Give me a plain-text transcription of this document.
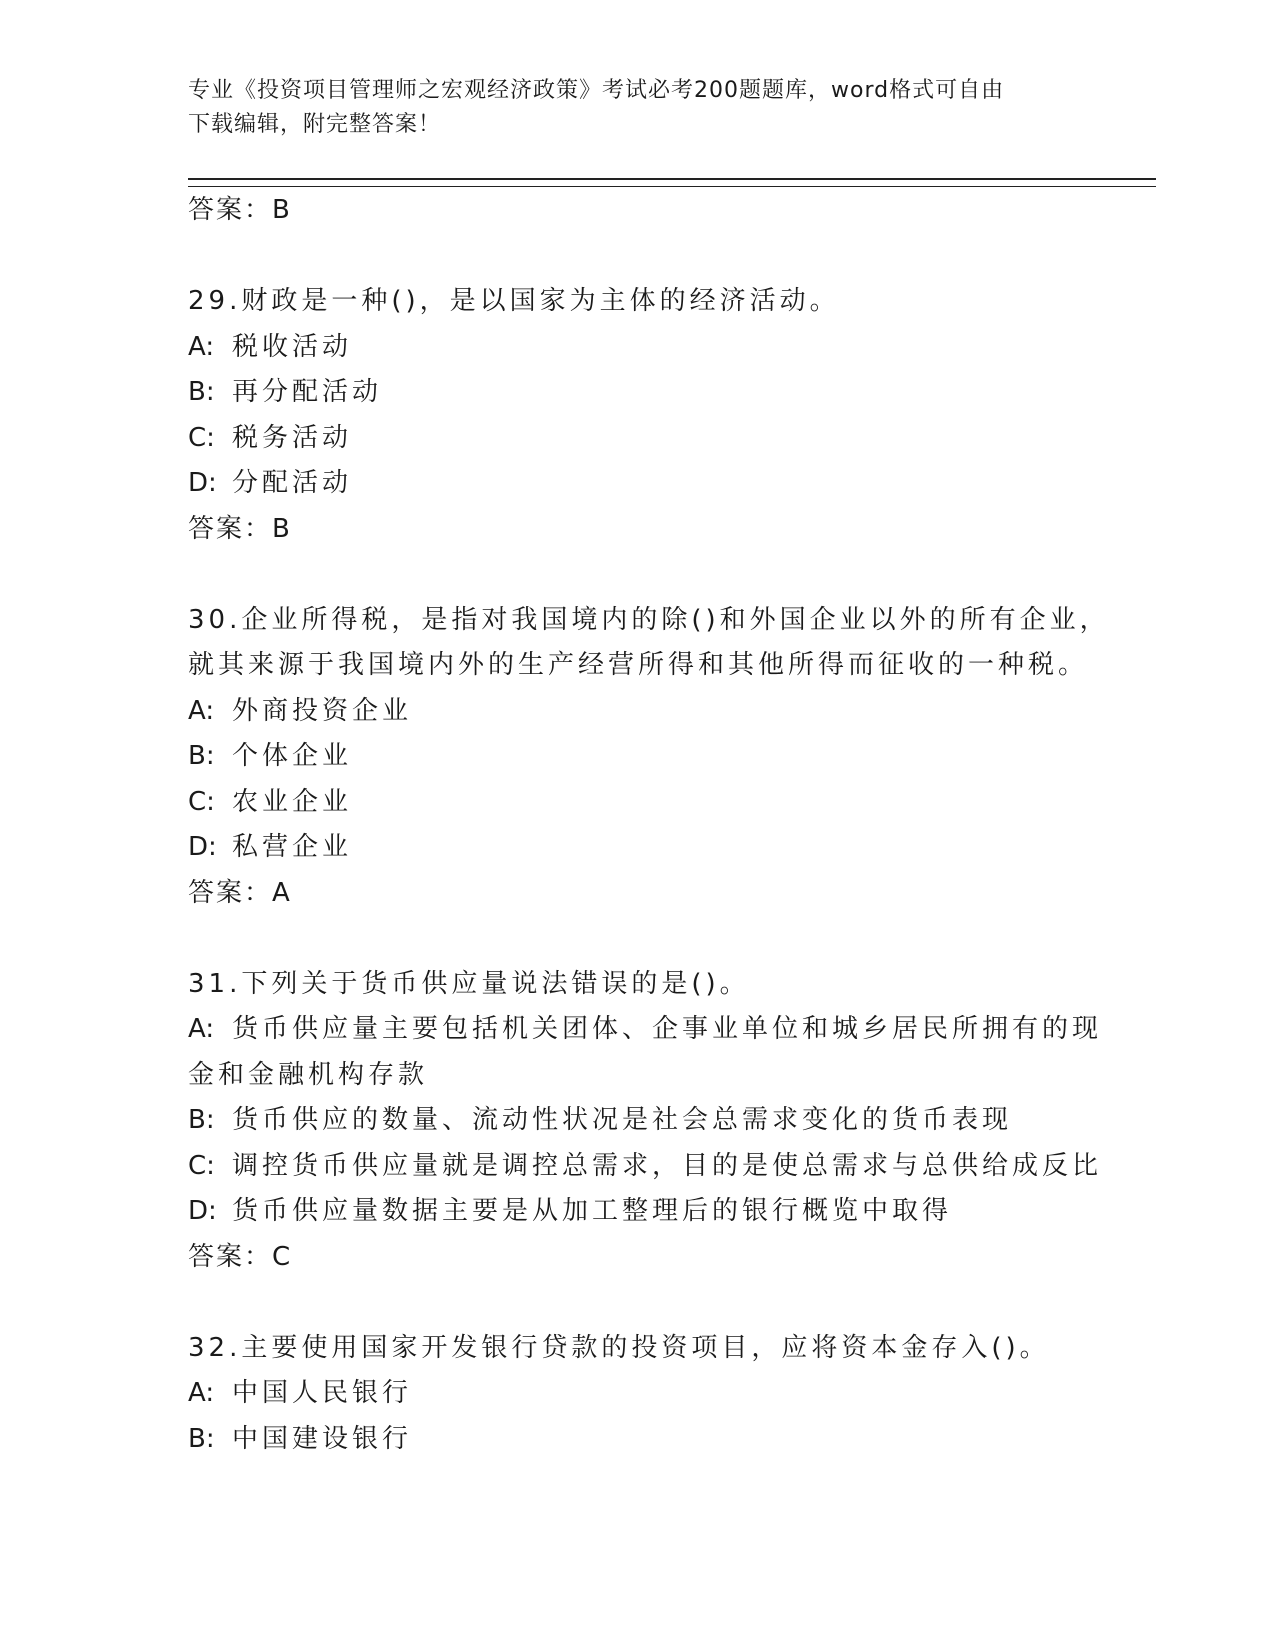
专业《投资项目管理师之宏观经济政策》考试必考200题题库，word格式可自由
下载编辑，附完整答案！
答案：B
29.财政是一种()，是以国家为主体的经济活动。
A: 税收活动
B: 再分配活动
C: 税务活动
D: 分配活动
答案：B
30.企业所得税，是指对我国境内的除()和外国企业以外的所有企业，
就其来源于我国境内外的生产经营所得和其他所得而征收的一种税。
A: 外商投资企业
B: 个体企业
C: 农业企业
D: 私营企业
答案：A
31.下列关于货币供应量说法错误的是()。
A: 货币供应量主要包括机关团体、企事业单位和城乡居民所拥有的现
金和金融机构存款
B: 货币供应的数量、流动性状况是社会总需求变化的货币表现
C: 调控货币供应量就是调控总需求，目的是使总需求与总供给成反比
D: 货币供应量数据主要是从加工整理后的银行概览中取得
答案：C
32.主要使用国家开发银行贷款的投资项目，应将资本金存入()。
A: 中国人民银行
B: 中国建设银行
